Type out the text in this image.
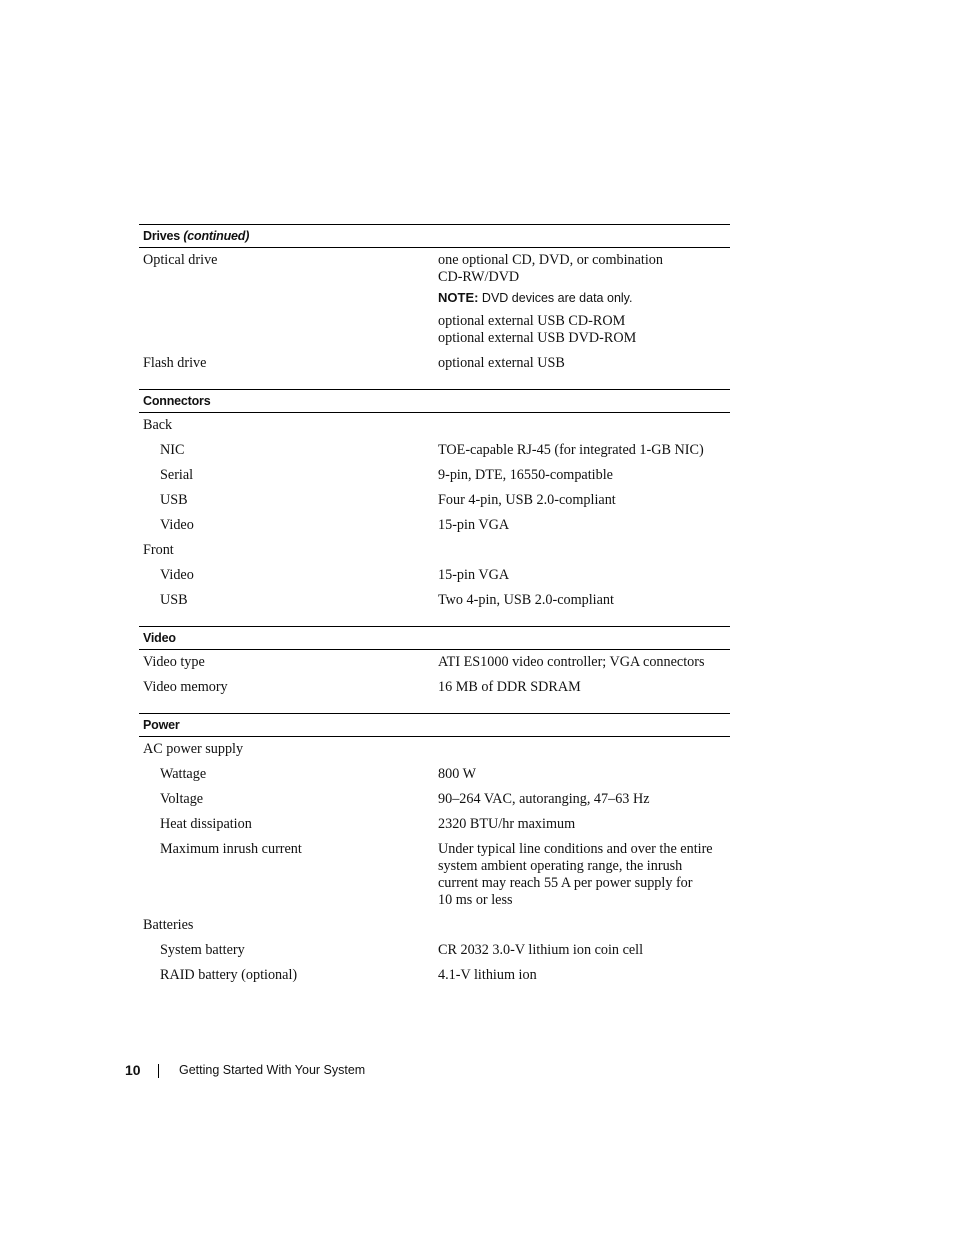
Drives (continued)
Optical drive	one optional CD, DVD, or combination
CD-RW/DVD
NOTE: DVD devices are data only.
optional external USB CD-ROM
optional external USB DVD-ROM
Flash drive	optional external USB
Connectors
Back

NIC	TOE-capable RJ-45 (for integrated 1-GB NIC)
Serial	9-pin, DTE, 16550-compatible
USB	Four 4-pin, USB 2.0-compliant
Video	15-pin VGA
Front

Video	15-pin VGA
USB	Two 4-pin, USB 2.0-compliant
Video
Video type	ATI ES1000 video controller; VGA connectors
Video memory	16 MB of DDR SDRAM
Power
AC power supply

Wattage	800 W
Voltage	90–264 VAC, autoranging, 47–63 Hz
Heat dissipation	2320 BTU/hr maximum
Maximum inrush current	Under typical line conditions and over the entire
system ambient operating range, the inrush
current may reach 55 A per power supply for
10 ms or less
Batteries

System battery	CR 2032 3.0-V lithium ion coin cell
RAID battery (optional)	4.1-V lithium ion
10	Getting Started With Your System
